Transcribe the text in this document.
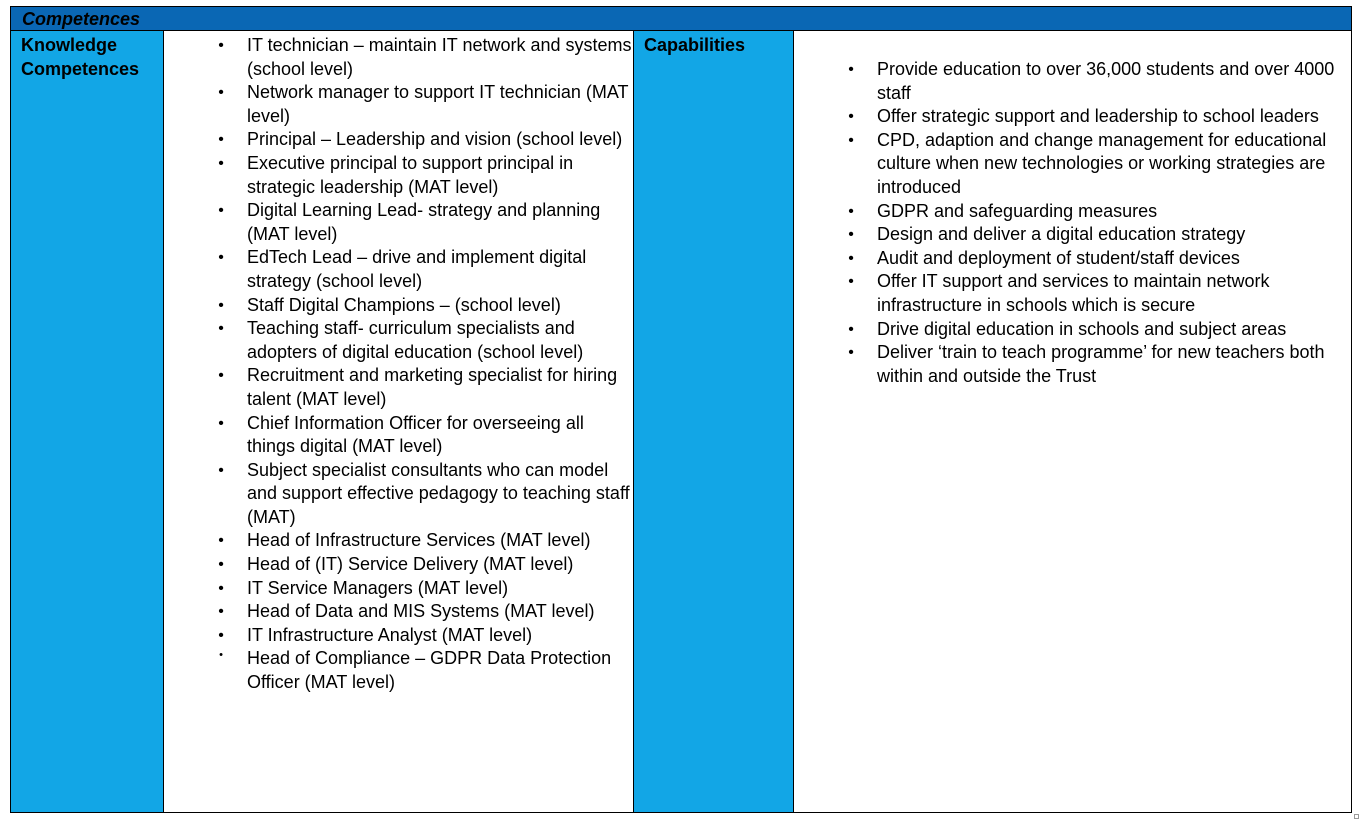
Competences
Knowledge Competences
• IT technician – maintain IT network and systems (school level)
• Network manager to support IT technician (MAT level)
• Principal – Leadership and vision (school level)
• Executive principal to support principal in strategic leadership (MAT level)
• Digital Learning Lead- strategy and planning (MAT level)
• EdTech Lead – drive and implement digital strategy (school level)
• Staff Digital Champions – (school level)
• Teaching staff- curriculum specialists and adopters of digital education (school level)
• Recruitment and marketing specialist for hiring talent (MAT level)
• Chief Information Officer for overseeing all things digital (MAT level)
• Subject specialist consultants who can model and support effective pedagogy to teaching staff (MAT)
• Head of Infrastructure Services (MAT level)
• Head of (IT) Service Delivery (MAT level)
• IT Service Managers (MAT level)
• Head of Data and MIS Systems (MAT level)
• IT Infrastructure Analyst (MAT level)
• Head of Compliance – GDPR Data Protection Officer (MAT level)
Capabilities
• Provide education to over 36,000 students and over 4000 staff
• Offer strategic support and leadership to school leaders
• CPD, adaption and change management for educational culture when new technologies or working strategies are introduced
• GDPR and safeguarding measures
• Design and deliver a digital education strategy
• Audit and deployment of student/staff devices
• Offer IT support and services to maintain network infrastructure in schools which is secure
• Drive digital education in schools and subject areas
• Deliver ‘train to teach programme’ for new teachers both within and outside the Trust
